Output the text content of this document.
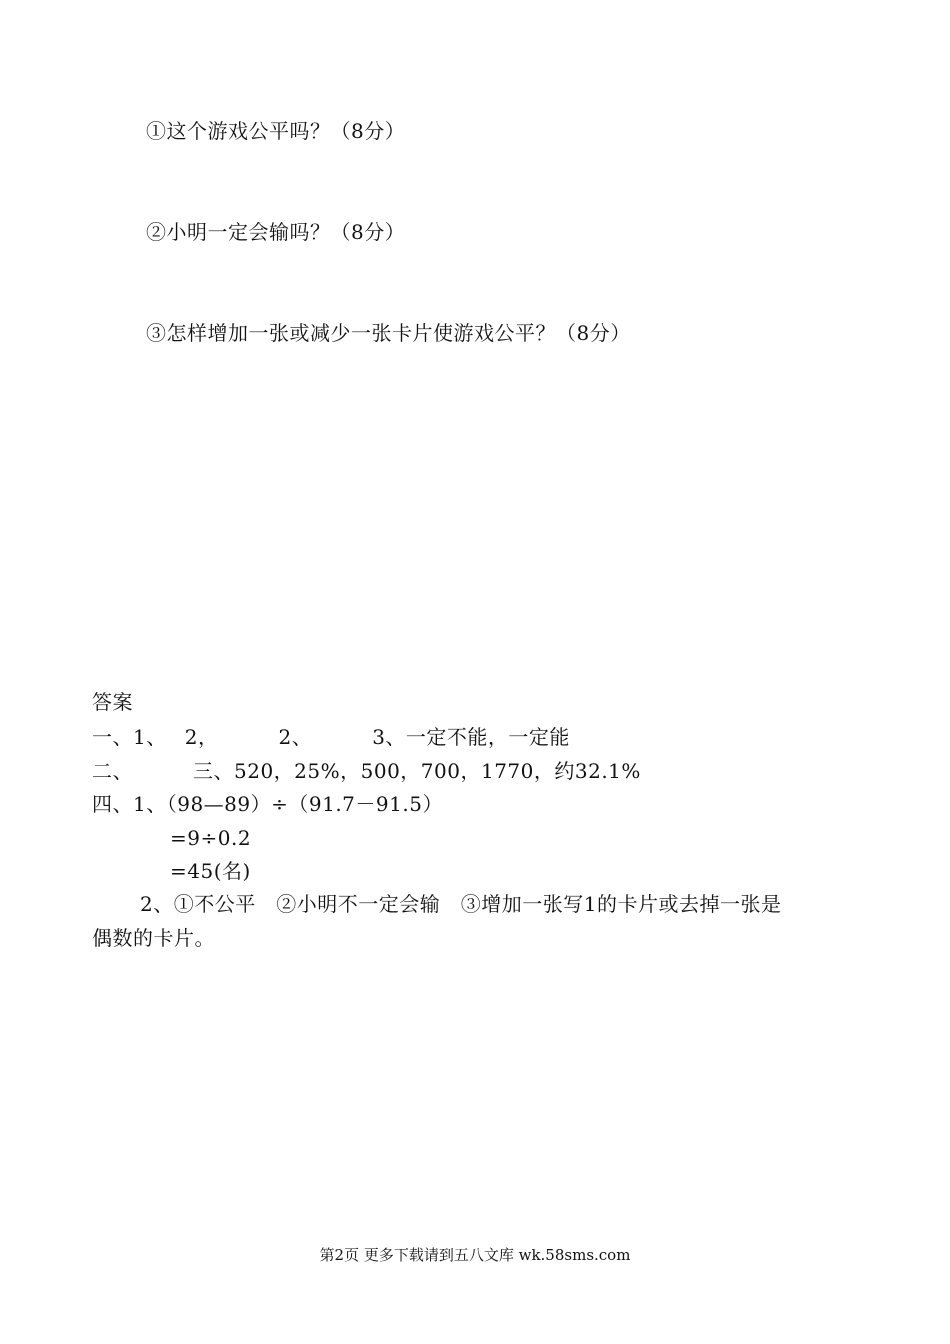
①这个游戏公平吗？（8分）
②小明一定会输吗？（8分）
③怎样增加一张或减少一张卡片使游戏公平？（8分）
答案
一、1、 2，	2、	3、一定不能，一定能
二、	三、520，25%，500，700，1770，约32.1%
四、1、（98—89）÷（91.7－91.5）
=9÷0.2
=45(名)
2、①不公平　②小明不一定会输　③增加一张写1的卡片或去掉一张是
偶数的卡片。
第2页 更多下载请到五八文库 wk.58sms.com
